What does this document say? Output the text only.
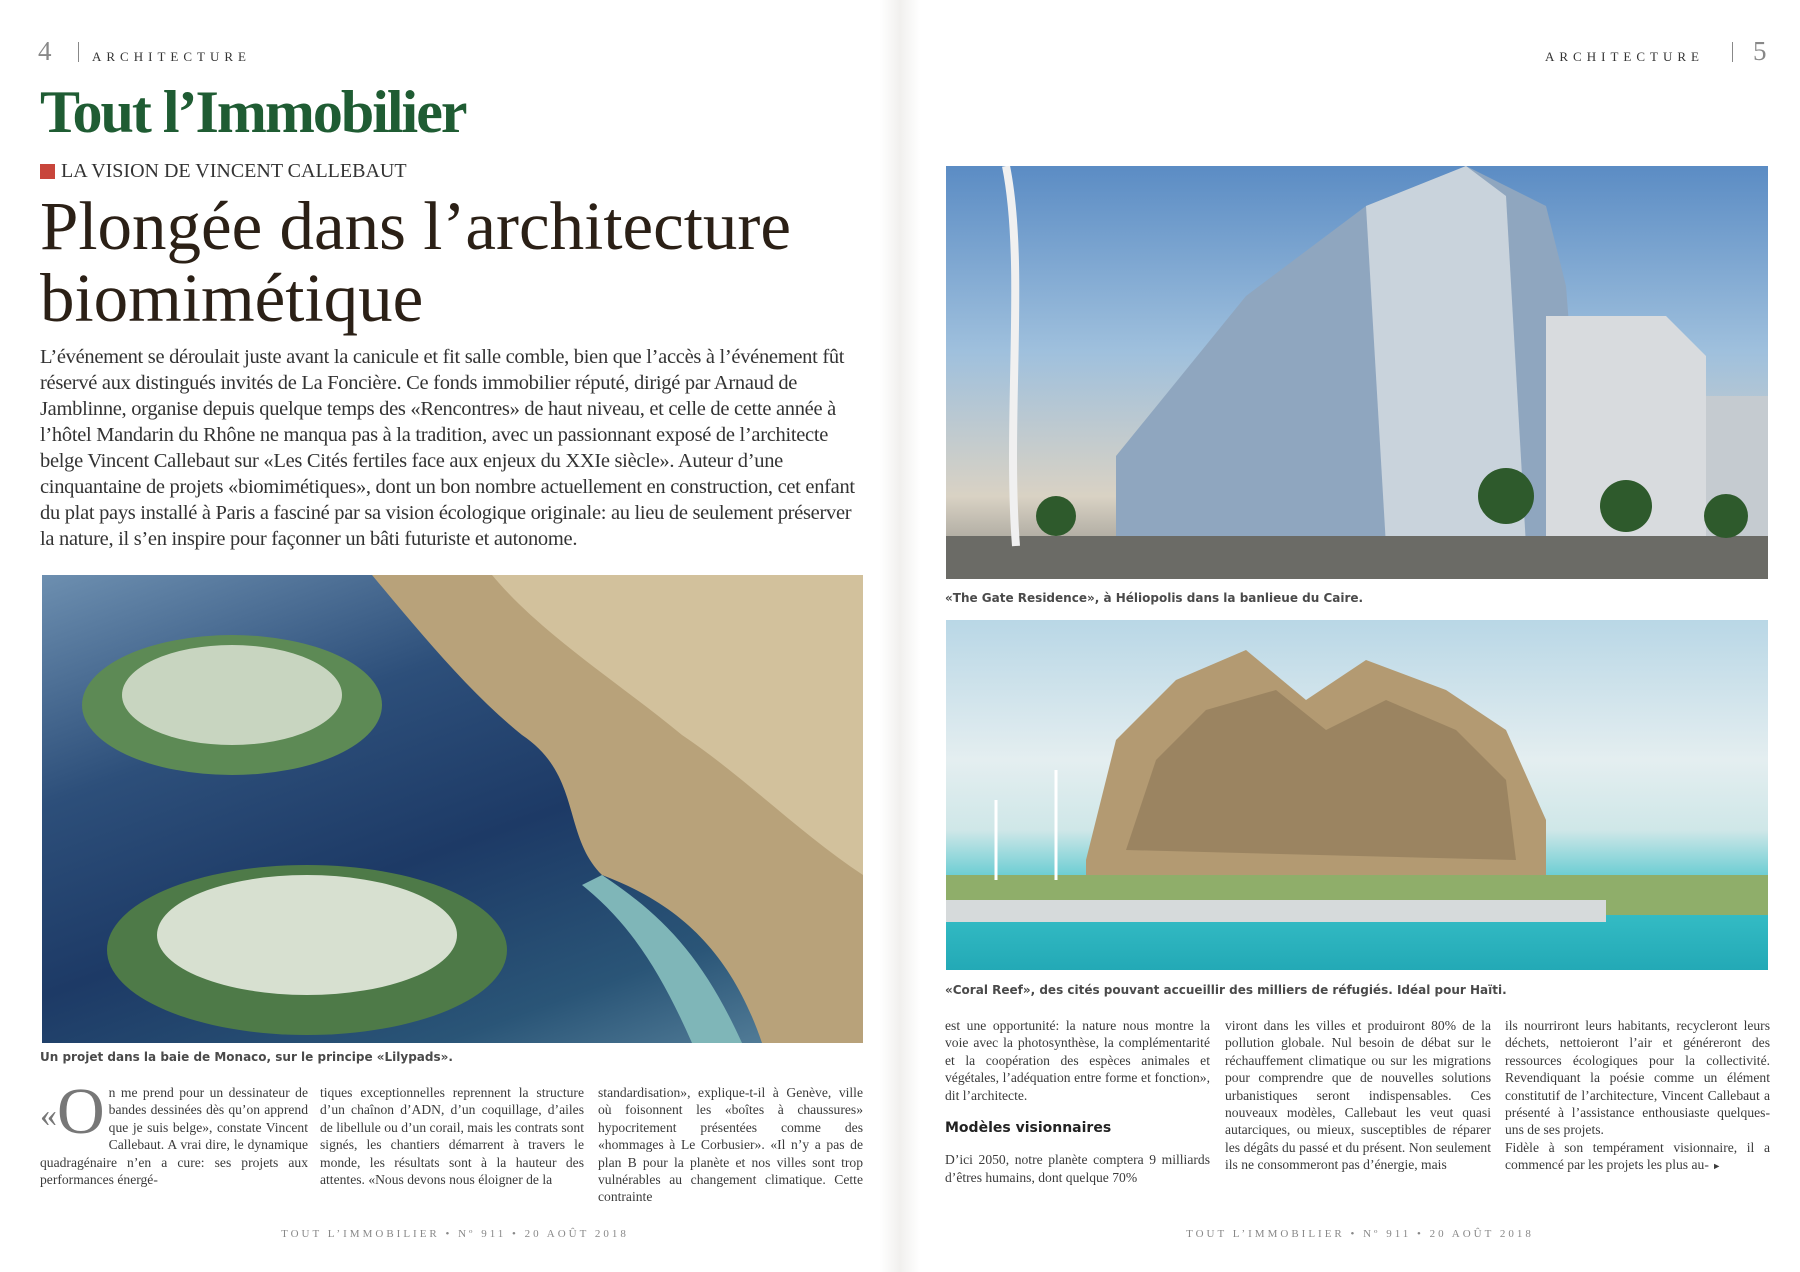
4	ARCHITECTURE
Tout l’Immobilier
LA VISION DE VINCENT CALLEBAUT
Plongée dans l’architecture
biomimétique
L’événement se déroulait juste avant la canicule et fit salle comble, bien que l’accès à l’événement fût réservé aux distingués invités de La Foncière. Ce fonds immobilier réputé, dirigé par Arnaud de Jamblinne, organise depuis quelque temps des «Rencontres» de haut niveau, et celle de cette année à l’hôtel Mandarin du Rhône ne manqua pas à la tradition, avec un passionnant exposé de l’architecte belge Vincent Callebaut sur «Les Cités fertiles face aux enjeux du XXIe siècle». Auteur d’une cinquantaine de projets «biomimétiques», dont un bon nombre actuellement en construction, cet enfant du plat pays installé à Paris a fasciné par sa vision écologique originale: au lieu de seulement préserver la nature, il s’en inspire pour façonner un bâti futuriste et autonome.
Un projet dans la baie de Monaco, sur le principe «Lilypads».
« O n me prend pour un dessinateur de bandes dessinées dès qu’on apprend que je suis belge», constate Vincent Callebaut. A vrai dire, le dynamique quadragénaire n’en a cure: ses projets aux performances énergé-

tiques exceptionnelles reprennent la structure d’un chaînon d’ADN, d’un coquillage, d’ailes de libellule ou d’un corail, mais les contrats sont signés, les chantiers démarrent à travers le monde, les résultats sont à la hauteur des attentes. «Nous devons nous éloigner de la
standardisation», explique-t-il à Genève, ville où foisonnent les «boîtes à chaussures» hypocritement présentées comme des «hommages à Le Corbusier». «Il n’y a pas de plan B pour la planète et nos villes sont trop vulnérables au changement climatique. Cette contrainte
TOUT L’IMMOBILIER • Nº 911 • 20 AOÛT 2018
ARCHITECTURE 5
«The Gate Residence», à Héliopolis dans la banlieue du Caire.
«Coral Reef», des cités pouvant accueillir des milliers de réfugiés. Idéal pour Haïti.

est une opportunité: la nature nous montre la voie avec la photosynthèse, la complémentarité et la coopération des espèces animales et végétales, l’adéquation entre forme et fonction», dit l’architecte.

Modèles visionnaires

D’ici 2050, notre planète comptera 9 milliards d’êtres humains, dont quelque 70%

viront dans les villes et produiront 80% de la pollution globale. Nul besoin de débat sur le réchauffement climatique ou sur les migrations pour comprendre que de nouvelles solutions urbanistiques seront indispensables. Ces nouveaux modèles, Callebaut les veut quasi autarciques, ou mieux, susceptibles de réparer les dégâts du passé et du présent. Non seulement ils ne consommeront pas d’énergie, mais

ils nourriront leurs habitants, recycleront leurs déchets, nettoieront l’air et généreront des ressources écologiques pour la collectivité. Revendiquant la poésie comme un élément constitutif de l’architecture, Vincent Callebaut a présenté à l’assistance enthousiaste quelques-uns de ses projets.

Fidèle à son tempérament visionnaire, il a commencé par les projets les plus au- ►

TOUT L’IMMOBILIER • Nº 911 • 20 AOÛT 2018
